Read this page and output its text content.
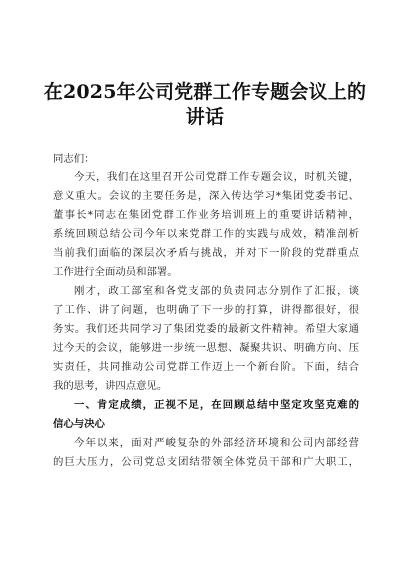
在2025年公司党群工作专题会议上的
讲话
同志们：
今天，我们在这里召开公司党群工作专题会议，时机关键，
意义重大。会议的主要任务是，深入传达学习*集团党委书记、
董事长*同志在集团党群工作业务培训班上的重要讲话精神，
系统回顾总结公司今年以来党群工作的实践与成效，精准剖析
当前我们面临的深层次矛盾与挑战，并对下一阶段的党群重点
工作进行全面动员和部署。
刚才，政工部室和各党支部的负责同志分别作了汇报，谈
了工作、讲了问题，也明确了下一步的打算，讲得都很好，很
务实。我们还共同学习了集团党委的最新文件精神。希望大家通
过今天的会议，能够进一步统一思想、凝聚共识、明确方向、压
实责任，共同推动公司党群工作迈上一个新台阶。下面，结合
我的思考，讲四点意见。
一、肯定成绩，正视不足，在回顾总结中坚定攻坚克难的
信心与决心
今年以来，面对严峻复杂的外部经济环境和公司内部经营
的巨大压力，公司党总支团结带领全体党员干部和广大职工，
